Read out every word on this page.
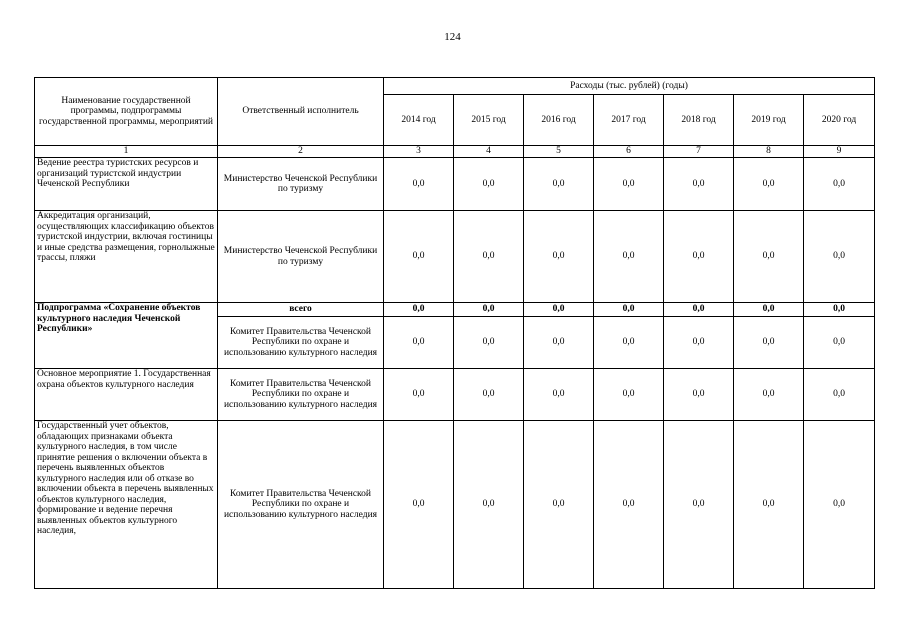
124
Наименование государственной программы, подпрограммы государственной программы, мероприятий	Ответственный исполнитель	Расходы (тыс. рублей) (годы)						
		2014 год	2015 год	2016 год	2017 год	2018 год	2019 год	2020 год
1	2	3	4	5	6	7	8	9
Ведение реестра туристских ресурсов и организаций туристской индустрии Чеченской Республики	Министерство Чеченской Республики по туризму	0,0	0,0	0,0	0,0	0,0	0,0	0,0
Аккредитация организаций, осуществляющих классификацию объектов туристской индустрии, включая гостиницы и иные средства размещения, горнолыжные трассы, пляжи	Министерство Чеченской Республики по туризму	0,0	0,0	0,0	0,0	0,0	0,0	0,0
Подпрограмма «Сохранение объектов культурного наследия Чеченской Республики»	всего	0,0	0,0	0,0	0,0	0,0	0,0	0,0
	Комитет Правительства Чеченской Республики по охране и использованию культурного наследия	0,0	0,0	0,0	0,0	0,0	0,0	0,0
Основное мероприятие 1. Государственная охрана объектов культурного наследия	Комитет Правительства Чеченской Республики по охране и использованию культурного наследия	0,0	0,0	0,0	0,0	0,0	0,0	0,0
Государственный учет объектов, обладающих признаками объекта культурного наследия, в том числе принятие решения о включении объекта в перечень выявленных объектов культурного наследия или об отказе во включении объекта в перечень выявленных объектов культурного наследия, формирование и ведение перечня выявленных объектов культурного наследия,	Комитет Правительства Чеченской Республики по охране и использованию культурного наследия	0,0	0,0	0,0	0,0	0,0	0,0	0,0
